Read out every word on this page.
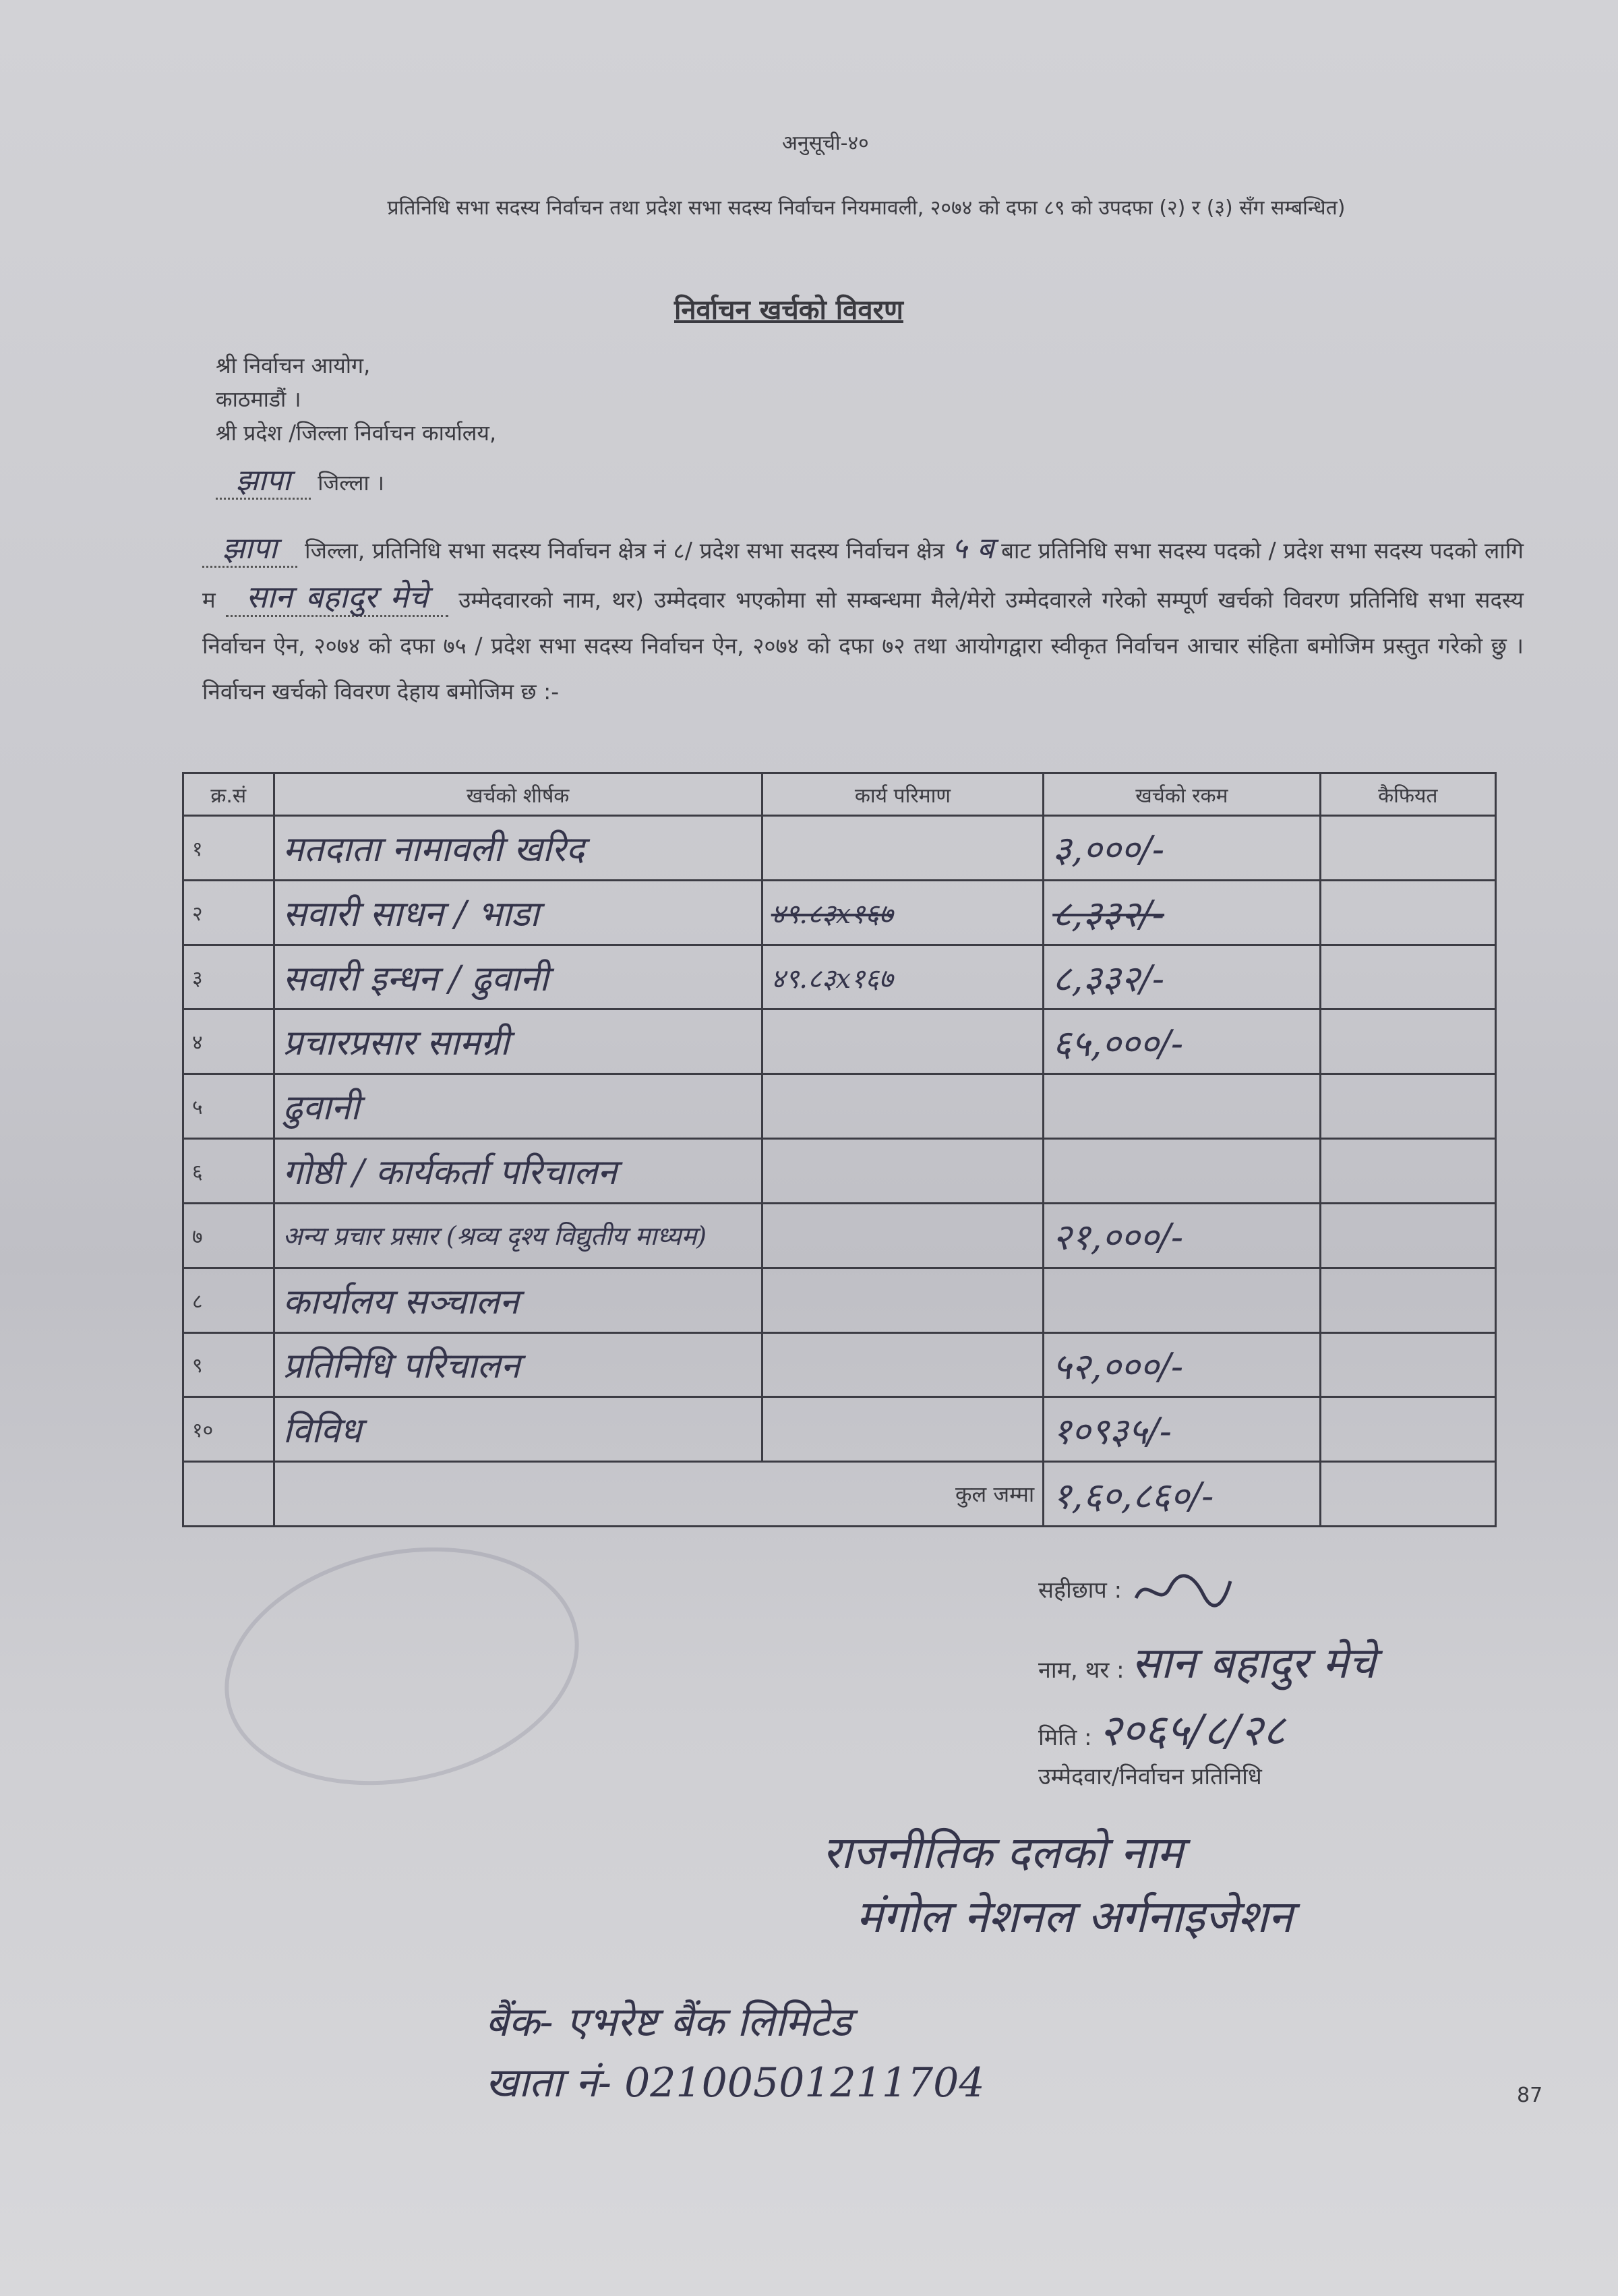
अनुसूची-४०
प्रतिनिधि सभा सदस्य निर्वाचन तथा प्रदेश सभा सदस्य निर्वाचन नियमावली, २०७४ को दफा ८९ को उपदफा (२) र (३) सँग सम्बन्धित)
निर्वाचन खर्चको विवरण
श्री निर्वाचन आयोग,
काठमाडौं ।
श्री प्रदेश /जिल्ला निर्वाचन कार्यालय,
झापा जिल्ला ।
झापा जिल्ला, प्रतिनिधि सभा सदस्य निर्वाचन क्षेत्र नं ८/ प्रदेश सभा सदस्य निर्वाचन क्षेत्र ५ ब बाट प्रतिनिधि सभा सदस्य पदको / प्रदेश सभा सदस्य पदको लागि म सान बहादुर मेचे उम्मेदवारको नाम, थर) उम्मेदवार भएकोमा सो सम्बन्धमा मैले/मेरो उम्मेदवारले गरेको सम्पूर्ण खर्चको विवरण प्रतिनिधि सभा सदस्य निर्वाचन ऐन, २०७४ को दफा ७५ / प्रदेश सभा सदस्य निर्वाचन ऐन, २०७४ को दफा ७२ तथा आयोगद्वारा स्वीकृत निर्वाचन आचार संहिता बमोजिम प्रस्तुत गरेको छु । निर्वाचन खर्चको विवरण देहाय बमोजिम छ :-
क्र.सं	खर्चको शीर्षक	कार्य परिमाण	खर्चको रकम	कैफियत
१	मतदाता नामावली खरिद		३,०००/-	
२	सवारी साधन / भाडा	४९.८३x१६७	८,३३२/-	
३	सवारी इन्धन / ढुवानी	४९.८३x१६७	८,३३२/-	
४	प्रचारप्रसार सामग्री		६५,०००/-	
५	ढुवानी			
६	गोष्ठी / कार्यकर्ता परिचालन			
७	अन्य प्रचार प्रसार (श्रव्य दृश्य विद्युतीय माध्यम)		२१,०००/-	
८	कार्यालय सञ्चालन			
९	प्रतिनिधि परिचालन		५२,०००/-	
१०	विविध		१०९३५/-	
	कुल जम्मा		१,६०,८६०/-	
सहीछाप :
नाम, थर : सान बहादुर मेचे
मिति : २०६५/८/२८
उम्मेदवार/निर्वाचन प्रतिनिधि
राजनीतिक दलको नाम
मंगोल नेशनल अर्गनाइजेशन
बैंक- एभरेष्ट बैंक लिमिटेड
खाता नं- 02100501211704	87
